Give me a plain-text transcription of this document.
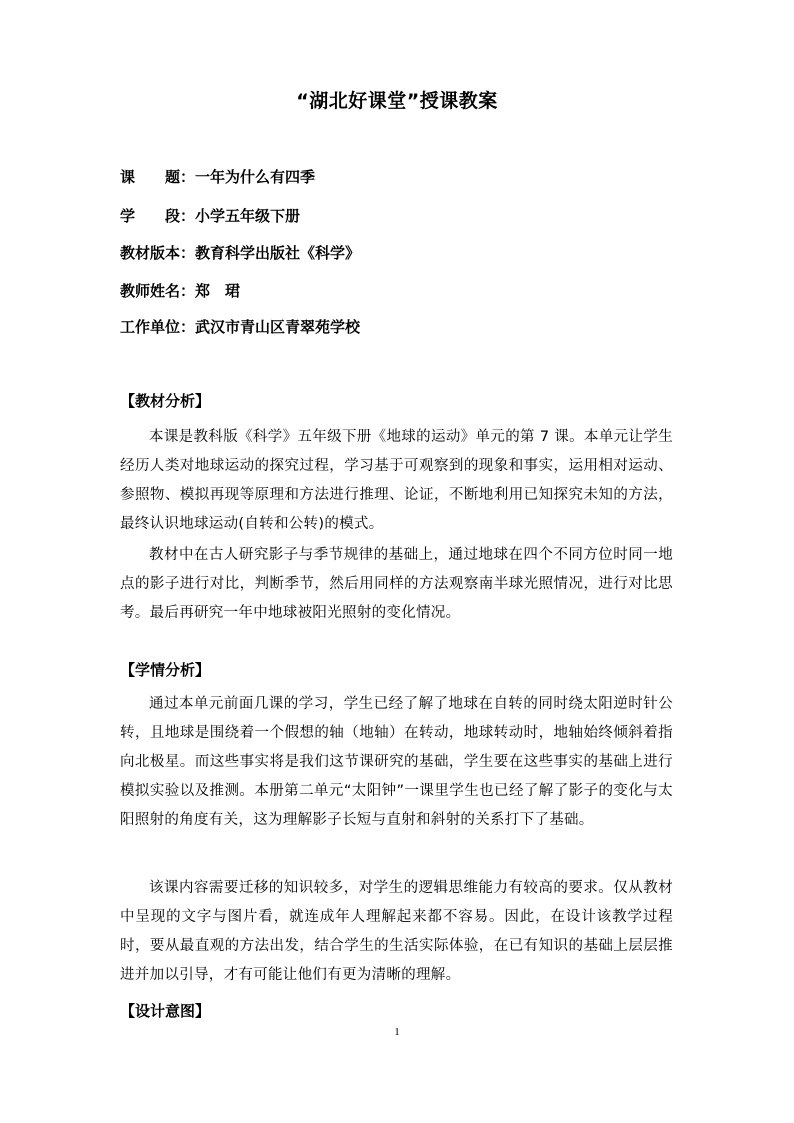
“湖北好课堂”授课教案
课　　题：一年为什么有四季
学　　段：小学五年级下册
教材版本：教育科学出版社《科学》
教师姓名：郑　珺
工作单位：武汉市青山区青翠苑学校
【教材分析】
本课是教科版《科学》五年级下册《地球的运动》单元的第 7 课。本单元让学生经历人类对地球运动的探究过程，学习基于可观察到的现象和事实，运用相对运动、参照物、模拟再现等原理和方法进行推理、论证，不断地利用已知探究未知的方法，最终认识地球运动(自转和公转)的模式。
教材中在古人研究影子与季节规律的基础上，通过地球在四个不同方位时同一地点的影子进行对比，判断季节，然后用同样的方法观察南半球光照情况，进行对比思考。最后再研究一年中地球被阳光照射的变化情况。
【学情分析】
通过本单元前面几课的学习，学生已经了解了地球在自转的同时绕太阳逆时针公转，且地球是围绕着一个假想的轴（地轴）在转动，地球转动时，地轴始终倾斜着指向北极星。而这些事实将是我们这节课研究的基础，学生要在这些事实的基础上进行模拟实验以及推测。本册第二单元“太阳钟”一课里学生也已经了解了影子的变化与太阳照射的角度有关，这为理解影子长短与直射和斜射的关系打下了基础。
该课内容需要迁移的知识较多，对学生的逻辑思维能力有较高的要求。仅从教材中呈现的文字与图片看，就连成年人理解起来都不容易。因此，在设计该教学过程时，要从最直观的方法出发，结合学生的生活实际体验，在已有知识的基础上层层推进并加以引导，才有可能让他们有更为清晰的理解。
【设计意图】
1
